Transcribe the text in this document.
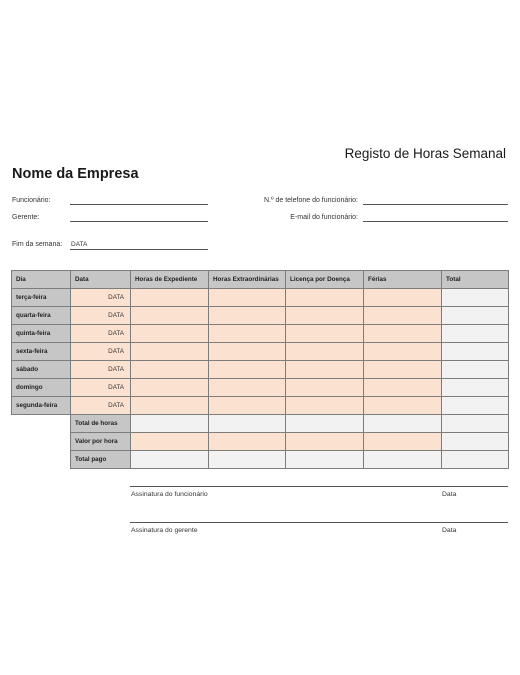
Registo de Horas Semanal
Nome da Empresa
Funcionário:
Gerente:
N.º de telefone do funcionário:
E-mail do funcionário:
Fim da semana: DATA
Dia	Data	Horas de Expediente	Horas Extraordinárias	Licença por Doença	Férias	Total
terça-feira	DATA					
quarta-feira	DATA					
quinta-feira	DATA					
sexta-feira	DATA					
sábado	DATA					
domingo	DATA					
segunda-feira	DATA					
	Total de horas					
	Valor por hora					
	Total pago					
Assinatura do funcionário	Data
Assinatura do gerente	Data
